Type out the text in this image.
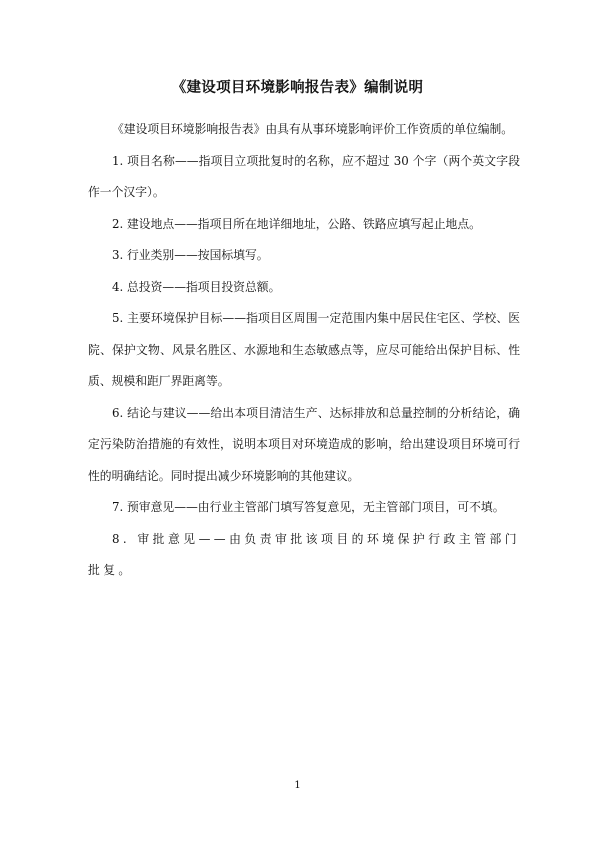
《建设项目环境影响报告表》编制说明

《建设项目环境影响报告表》由具有从事环境影响评价工作资质的单位编制。

1. 项目名称——指项目立项批复时的名称，应不超过 30 个字（两个英文字段作一个汉字）。

2. 建设地点——指项目所在地详细地址，公路、铁路应填写起止地点。

3. 行业类别——按国标填写。

4. 总投资——指项目投资总额。

5. 主要环境保护目标——指项目区周围一定范围内集中居民住宅区、学校、医院、保护文物、风景名胜区、水源地和生态敏感点等，应尽可能给出保护目标、性质、规模和距厂界距离等。

6. 结论与建议——给出本项目清洁生产、达标排放和总量控制的分析结论，确定污染防治措施的有效性，说明本项目对环境造成的影响，给出建设项目环境可行性的明确结论。同时提出减少环境影响的其他建议。

7. 预审意见——由行业主管部门填写答复意见，无主管部门项目，可不填。

8. 审批意见——由负责审批该项目的环境保护行政主管部门批复。

1
